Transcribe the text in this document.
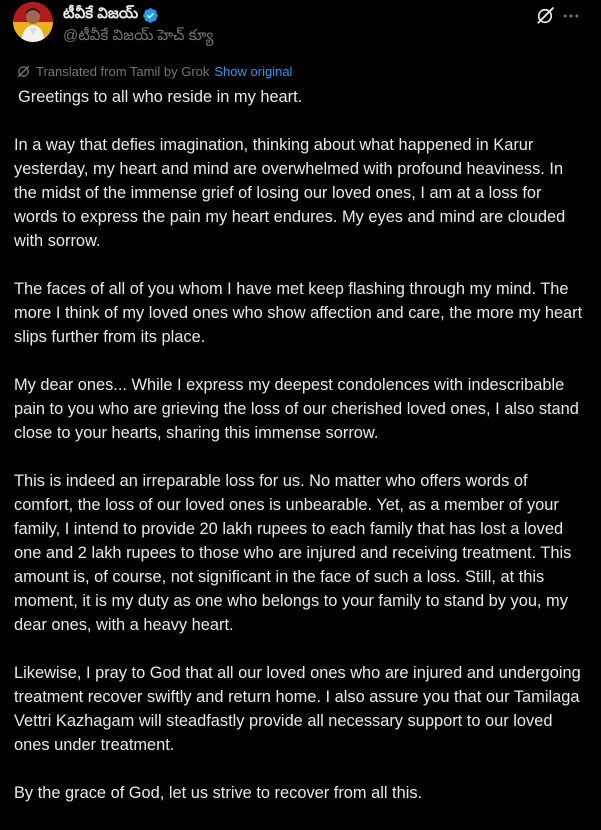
టీవీకే విజయ్
@టీవీకే విజయ్ హెచ్ క్యూ
Translated from Tamil by Grok Show original

Greetings to all who reside in my heart.

In a way that defies imagination, thinking about what happened in Karur yesterday, my heart and mind are overwhelmed with profound heaviness. In the midst of the immense grief of losing our loved ones, I am at a loss for words to express the pain my heart endures. My eyes and mind are clouded with sorrow.

The faces of all of you whom I have met keep flashing through my mind. The more I think of my loved ones who show affection and care, the more my heart slips further from its place.

My dear ones... While I express my deepest condolences with indescribable pain to you who are grieving the loss of our cherished loved ones, I also stand close to your hearts, sharing this immense sorrow.

This is indeed an irreparable loss for us. No matter who offers words of comfort, the loss of our loved ones is unbearable. Yet, as a member of your family, I intend to provide 20 lakh rupees to each family that has lost a loved one and 2 lakh rupees to those who are injured and receiving treatment. This amount is, of course, not significant in the face of such a loss. Still, at this moment, it is my duty as one who belongs to your family to stand by you, my dear ones, with a heavy heart.

Likewise, I pray to God that all our loved ones who are injured and undergoing treatment recover swiftly and return home. I also assure you that our Tamilaga Vettri Kazhagam will steadfastly provide all necessary support to our loved ones under treatment.

By the grace of God, let us strive to recover from all this.
